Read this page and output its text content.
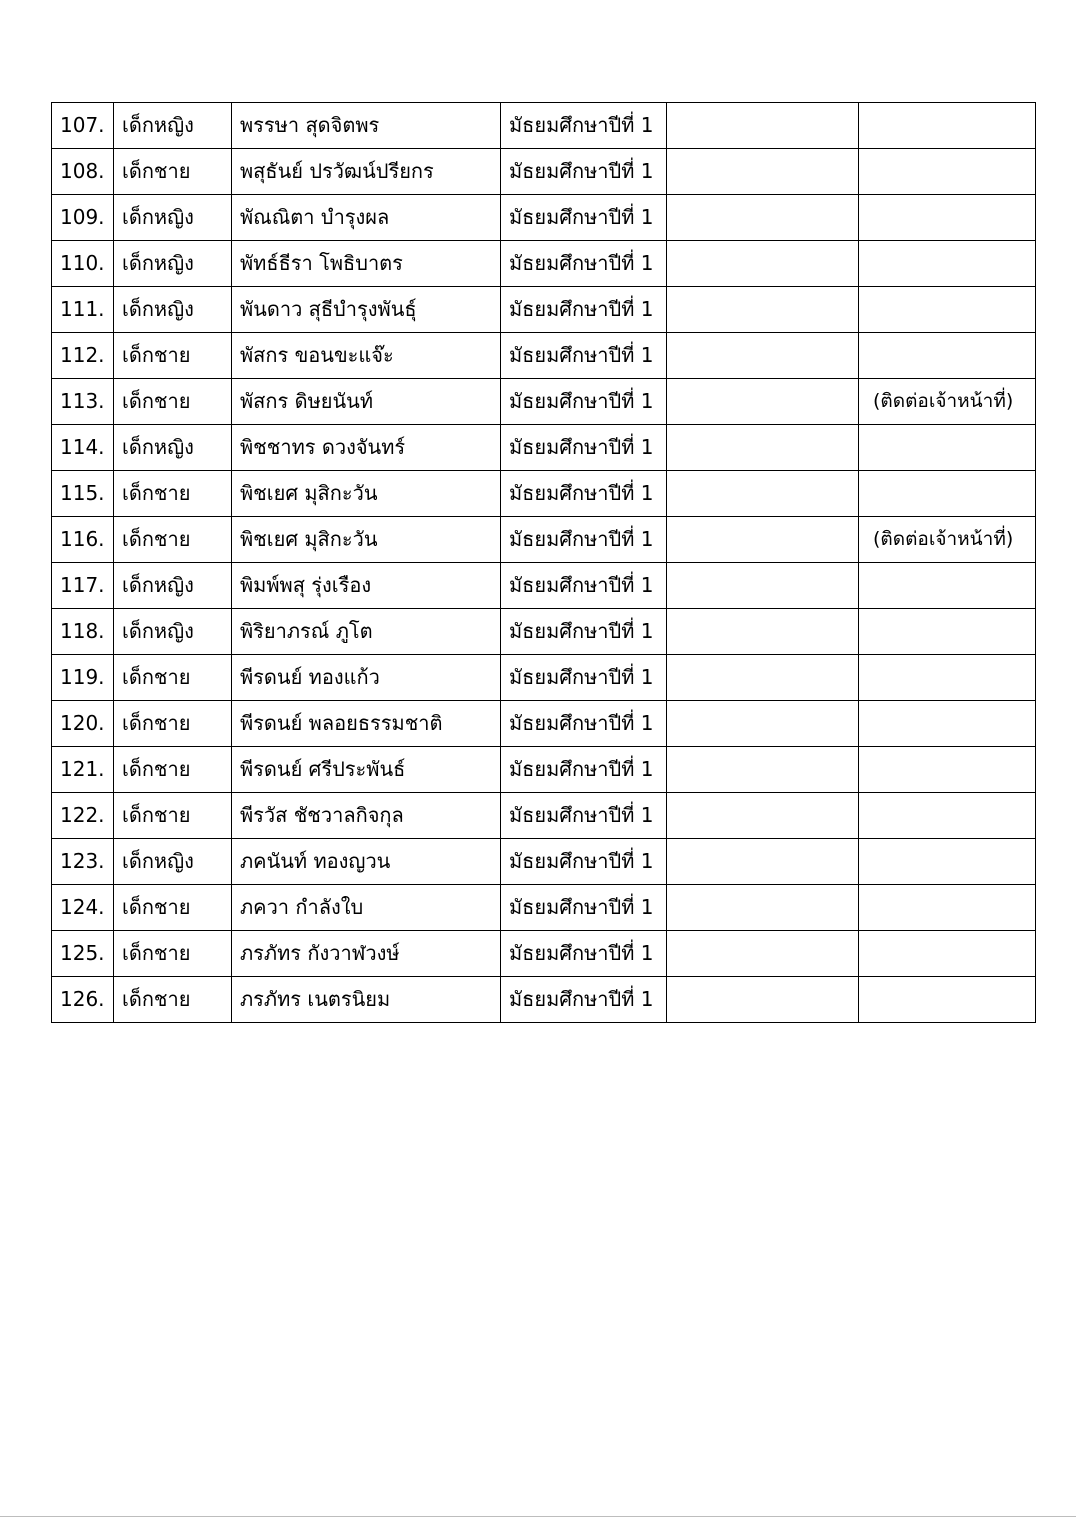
107.	เด็กหญิง	พรรษา สุดจิตพร	มัธยมศึกษาปีที่ 1		
108.	เด็กชาย	พสุธันย์ ปรวัฒน์ปรียกร	มัธยมศึกษาปีที่ 1		
109.	เด็กหญิง	พัณณิตา บำรุงผล	มัธยมศึกษาปีที่ 1		
110.	เด็กหญิง	พัทธ์ธีรา โพธิบาตร	มัธยมศึกษาปีที่ 1		
111.	เด็กหญิง	พันดาว สุธีบำรุงพันธุ์	มัธยมศึกษาปีที่ 1		
112.	เด็กชาย	พัสกร ขอนขะแจ๊ะ	มัธยมศึกษาปีที่ 1		
113.	เด็กชาย	พัสกร ดิษยนันท์	มัธยมศึกษาปีที่ 1		(ติดต่อเจ้าหน้าที่)
114.	เด็กหญิง	พิชชาทร ดวงจันทร์	มัธยมศึกษาปีที่ 1		
115.	เด็กชาย	พิชเยศ มุสิกะวัน	มัธยมศึกษาปีที่ 1		
116.	เด็กชาย	พิชเยศ มุสิกะวัน	มัธยมศึกษาปีที่ 1		(ติดต่อเจ้าหน้าที่)
117.	เด็กหญิง	พิมพ์พสุ รุ่งเรือง	มัธยมศึกษาปีที่ 1		
118.	เด็กหญิง	พิริยาภรณ์ ภูโต	มัธยมศึกษาปีที่ 1		
119.	เด็กชาย	พีรดนย์ ทองแก้ว	มัธยมศึกษาปีที่ 1		
120.	เด็กชาย	พีรดนย์ พลอยธรรมชาติ	มัธยมศึกษาปีที่ 1		
121.	เด็กชาย	พีรดนย์ ศรีประพันธ์	มัธยมศึกษาปีที่ 1		
122.	เด็กชาย	พีรวัส ชัชวาลกิจกุล	มัธยมศึกษาปีที่ 1		
123.	เด็กหญิง	ภคนันท์ ทองญวน	มัธยมศึกษาปีที่ 1		
124.	เด็กชาย	ภควา กำลังใบ	มัธยมศึกษาปีที่ 1		
125.	เด็กชาย	ภรภัทร กังวาฬวงษ์	มัธยมศึกษาปีที่ 1		
126.	เด็กชาย	ภรภัทร เนตรนิยม	มัธยมศึกษาปีที่ 1		
